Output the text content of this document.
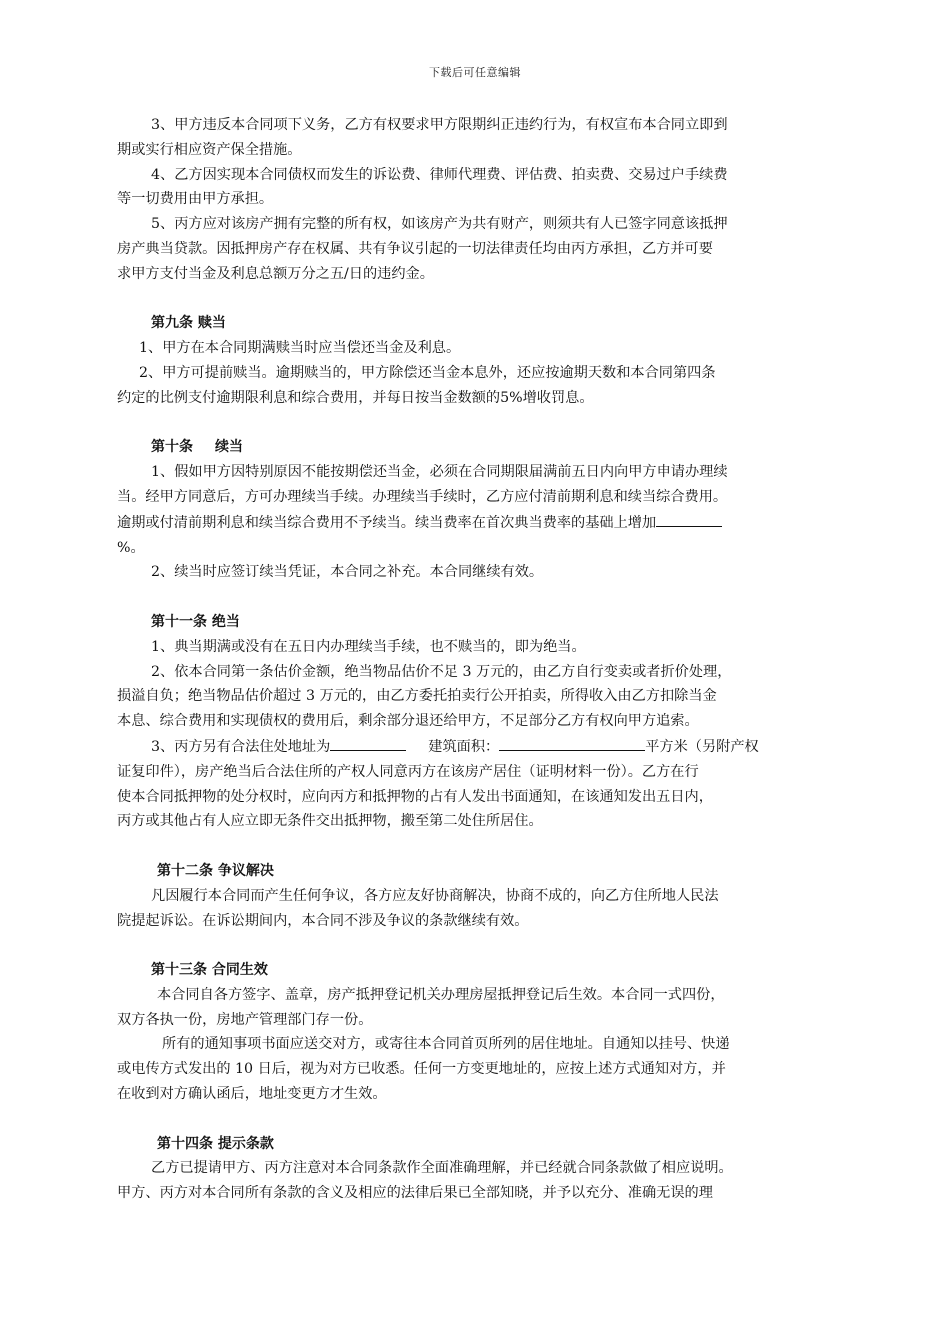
下载后可任意编辑

3、甲方违反本合同项下义务，乙方有权要求甲方限期纠正违约行为，有权宣布本合同立即到

期或实行相应资产保全措施。

4、乙方因实现本合同债权而发生的诉讼费、律师代理费、评估费、拍卖费、交易过户手续费

等一切费用由甲方承担。

5、丙方应对该房产拥有完整的所有权，如该房产为共有财产，则须共有人已签字同意该抵押

房产典当贷款。因抵押房产存在权属、共有争议引起的一切法律责任均由丙方承担，乙方并可要

求甲方支付当金及利息总额万分之五/日的违约金。

第九条 赎当

1、甲方在本合同期满赎当时应当偿还当金及利息。

2、甲方可提前赎当。逾期赎当的，甲方除偿还当金本息外，还应按逾期天数和本合同第四条

约定的比例支付逾期限利息和综合费用，并每日按当金数额的5%增收罚息。

第十条 续当

1、假如甲方因特别原因不能按期偿还当金，必须在合同期限届满前五日内向甲方申请办理续

当。经甲方同意后，方可办理续当手续。办理续当手续时，乙方应付清前期利息和续当综合费用。

逾期或付清前期利息和续当综合费用不予续当。续当费率在首次典当费率的基础上增加

%。

2、续当时应签订续当凭证，本合同之补充。本合同继续有效。

第十一条 绝当

1、典当期满或没有在五日内办理续当手续，也不赎当的，即为绝当。

2、依本合同第一条估价金额，绝当物品估价不足 3 万元的，由乙方自行变卖或者折价处理，

损溢自负；绝当物品估价超过 3 万元的，由乙方委托拍卖行公开拍卖，所得收入由乙方扣除当金

本息、综合费用和实现债权的费用后，剩余部分退还给甲方，不足部分乙方有权向甲方追索。

3、丙方另有合法住处地址为	建筑面积：	平方米（另附产权

证复印件），房产绝当后合法住所的产权人同意丙方在该房产居住（证明材料一份）。乙方在行

使本合同抵押物的处分权时，应向丙方和抵押物的占有人发出书面通知，在该通知发出五日内，

丙方或其他占有人应立即无条件交出抵押物，搬至第二处住所居住。

第十二条 争议解决

凡因履行本合同而产生任何争议，各方应友好协商解决，协商不成的，向乙方住所地人民法

院提起诉讼。在诉讼期间内，本合同不涉及争议的条款继续有效。

第十三条 合同生效

本合同自各方签字、盖章，房产抵押登记机关办理房屋抵押登记后生效。本合同一式四份，

双方各执一份，房地产管理部门存一份。

所有的通知事项书面应送交对方，或寄往本合同首页所列的居住地址。自通知以挂号、快递

或电传方式发出的 10 日后，视为对方已收悉。任何一方变更地址的，应按上述方式通知对方，并

在收到对方确认函后，地址变更方才生效。

第十四条 提示条款

乙方已提请甲方、丙方注意对本合同条款作全面准确理解，并已经就合同条款做了相应说明。

甲方、丙方对本合同所有条款的含义及相应的法律后果已全部知晓，并予以充分、准确无误的理
